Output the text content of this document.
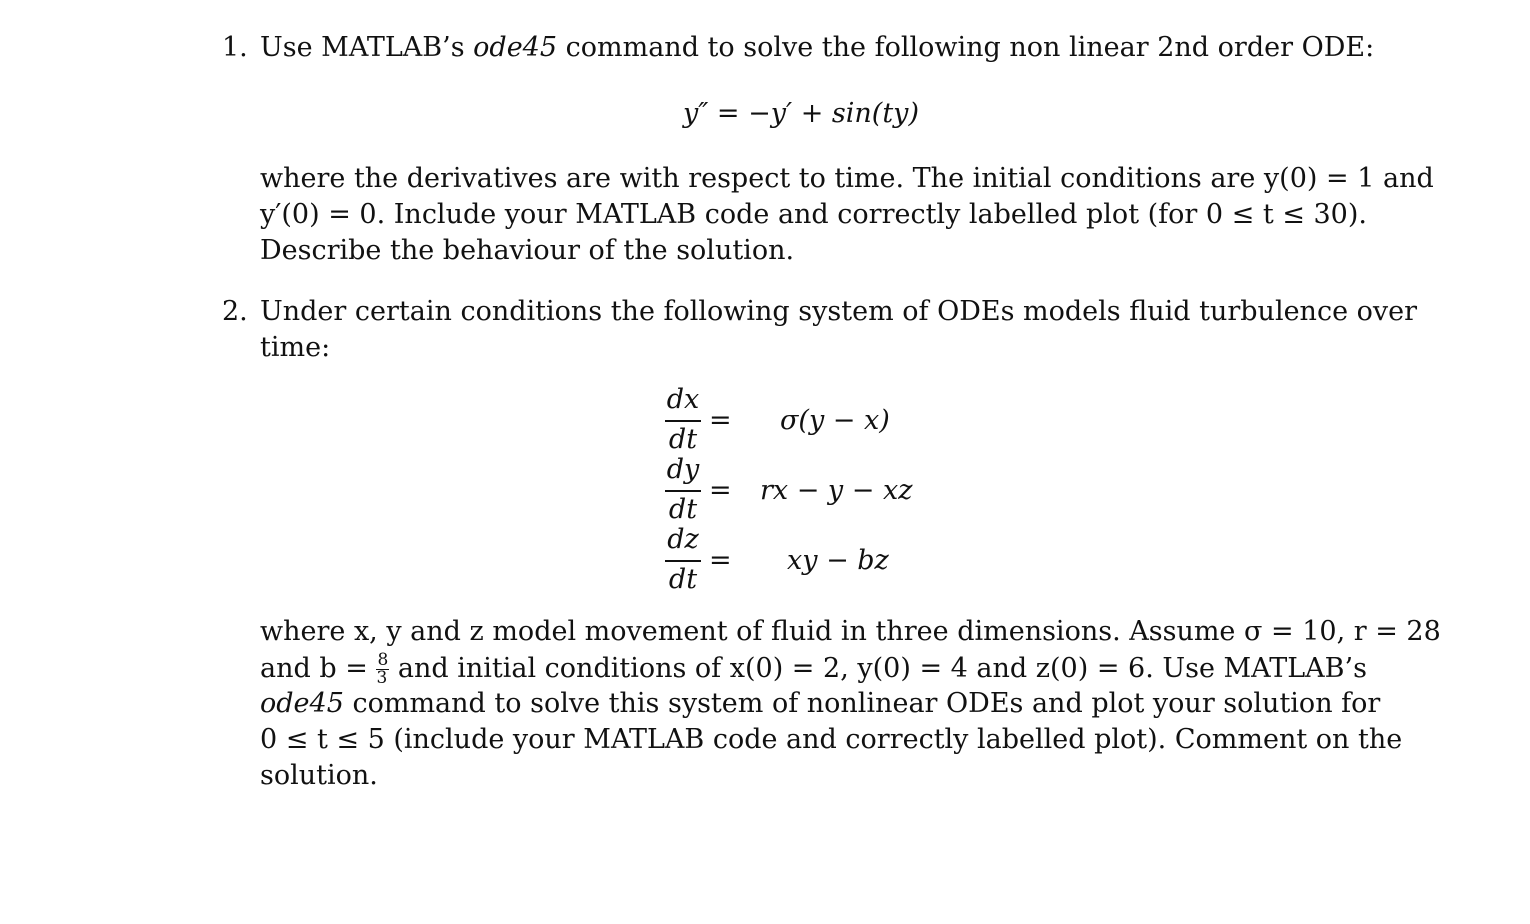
1. Use MATLAB’s ode45 command to solve the following non linear 2nd order ODE:
y″ = −y′ + sin(ty)
where the derivatives are with respect to time. The initial conditions are y(0) = 1 and
y′(0) = 0. Include your MATLAB code and correctly labelled plot (for 0 ≤ t ≤ 30).
Describe the behaviour of the solution.
2. Under certain conditions the following system of ODEs models fluid turbulence over
time:
dx
dt
= σ(y − x)
dy
dt
= rx − y − xz
dz
dt
= xy − bz
where x, y and z model movement of fluid in three dimensions. Assume σ = 10, r = 28
and $b = \frac{8}{3}$ and initial conditions of x(0) = 2, y(0) = 4 and z(0) = 6. Use MATLAB’s
ode45 command to solve this system of nonlinear ODEs and plot your solution for
0 ≤ t ≤ 5 (include your MATLAB code and correctly labelled plot). Comment on the
solution.
